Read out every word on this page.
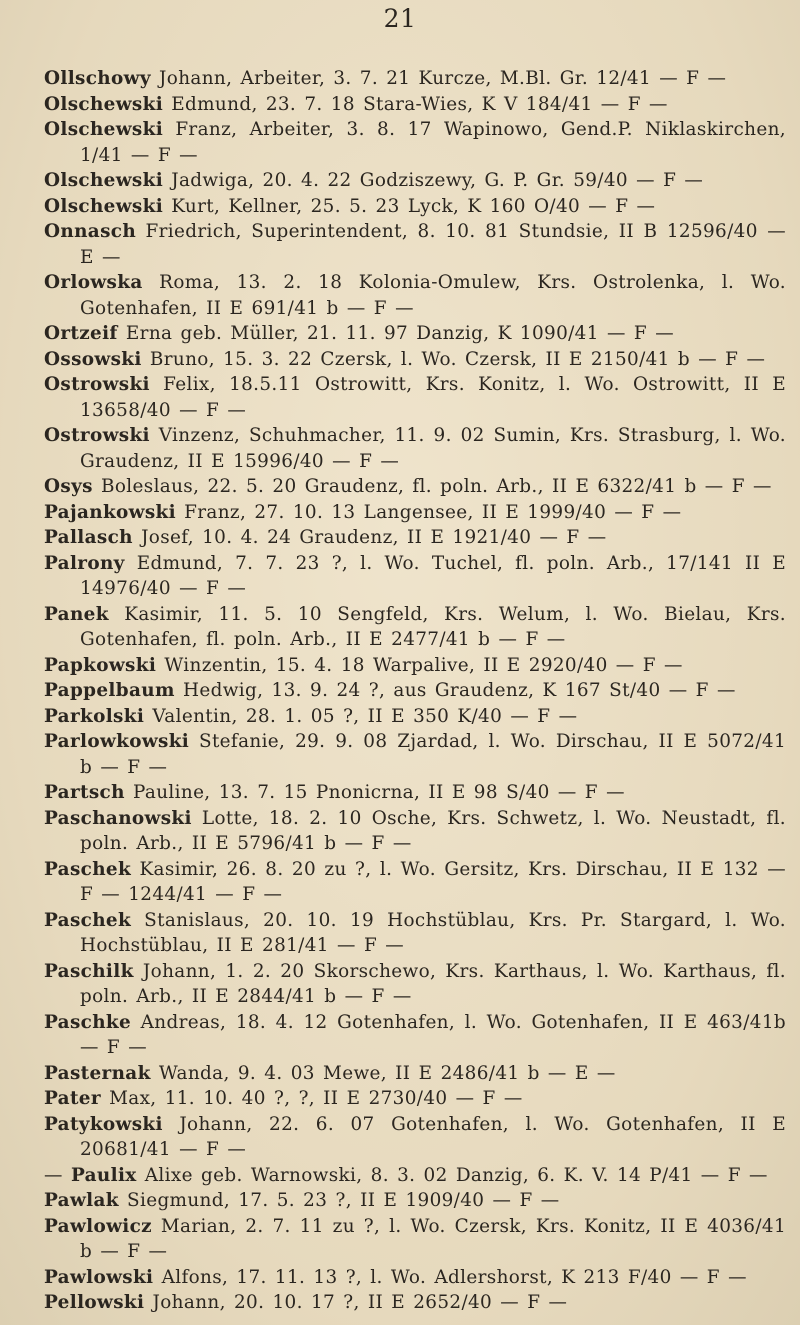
21
Ollschowy Johann, Arbeiter, 3. 7. 21 Kurcze, M.Bl. Gr. 12/41 — F —
Olschewski Edmund, 23. 7. 18 Stara-Wies, K V 184/41 — F —
Olschewski Franz, Arbeiter, 3. 8. 17 Wapinowo, Gend.P. Niklaskirchen, 1/41 — F —
Olschewski Jadwiga, 20. 4. 22 Godziszewy, G. P. Gr. 59/40 — F —
Olschewski Kurt, Kellner, 25. 5. 23 Lyck, K 160 O/40 — F —
Onnasch Friedrich, Superintendent, 8. 10. 81 Stundsie, II B 12596/40 — E —
Orlowska Roma, 13. 2. 18 Kolonia-Omulew, Krs. Ostrolenka, l. Wo. Gotenhafen, II E 691/41 b — F —
Ortzeif Erna geb. Müller, 21. 11. 97 Danzig, K 1090/41 — F —
Ossowski Bruno, 15. 3. 22 Czersk, l. Wo. Czersk, II E 2150/41 b — F —
Ostrowski Felix, 18.5.11 Ostrowitt, Krs. Konitz, l. Wo. Ostrowitt, II E 13658/40 — F —
Ostrowski Vinzenz, Schuhmacher, 11. 9. 02 Sumin, Krs. Strasburg, l. Wo. Graudenz, II E 15996/40 — F —
Osys Boleslaus, 22. 5. 20 Graudenz, fl. poln. Arb., II E 6322/41 b — F —
Pajankowski Franz, 27. 10. 13 Langensee, II E 1999/40 — F —
Pallasch Josef, 10. 4. 24 Graudenz, II E 1921/40 — F —
Palrony Edmund, 7. 7. 23 ?, l. Wo. Tuchel, fl. poln. Arb., 17/141 II E 14976/40 — F —
Panek Kasimir, 11. 5. 10 Sengfeld, Krs. Welum, l. Wo. Bielau, Krs. Gotenhafen, fl. poln. Arb., II E 2477/41 b — F —
Papkowski Winzentin, 15. 4. 18 Warpalive, II E 2920/40 — F —
Pappelbaum Hedwig, 13. 9. 24 ?, aus Graudenz, K 167 St/40 — F —
Parkolski Valentin, 28. 1. 05 ?, II E 350 K/40 — F —
Parlowkowski Stefanie, 29. 9. 08 Zjardad, l. Wo. Dirschau, II E 5072/41 b — F —
Partsch Pauline, 13. 7. 15 Pnonicrna, II E 98 S/40 — F —
Paschanowski Lotte, 18. 2. 10 Osche, Krs. Schwetz, l. Wo. Neustadt, fl. poln. Arb., II E 5796/41 b — F —
Paschek Kasimir, 26. 8. 20 zu ?, l. Wo. Gersitz, Krs. Dirschau, II E 132 — F — 1244/41 — F —
Paschek Stanislaus, 20. 10. 19 Hochstüblau, Krs. Pr. Stargard, l. Wo. Hochstüblau, II E 281/41 — F —
Paschilk Johann, 1. 2. 20 Skorschewo, Krs. Karthaus, l. Wo. Karthaus, fl. poln. Arb., II E 2844/41 b — F —
Paschke Andreas, 18. 4. 12 Gotenhafen, l. Wo. Gotenhafen, II E 463/41b — F —
Pasternak Wanda, 9. 4. 03 Mewe, II E 2486/41 b — E —
Pater Max, 11. 10. 40 ?, ?, II E 2730/40 — F —
Patykowski Johann, 22. 6. 07 Gotenhafen, l. Wo. Gotenhafen, II E 20681/41 — F —
— Paulix Alixe geb. Warnowski, 8. 3. 02 Danzig, 6. K. V. 14 P/41 — F —
Pawlak Siegmund, 17. 5. 23 ?, II E 1909/40 — F —
Pawlowicz Marian, 2. 7. 11 zu ?, l. Wo. Czersk, Krs. Konitz, II E 4036/41 b — F —
Pawlowski Alfons, 17. 11. 13 ?, l. Wo. Adlershorst, K 213 F/40 — F —
Pellowski Johann, 20. 10. 17 ?, II E 2652/40 — F —
